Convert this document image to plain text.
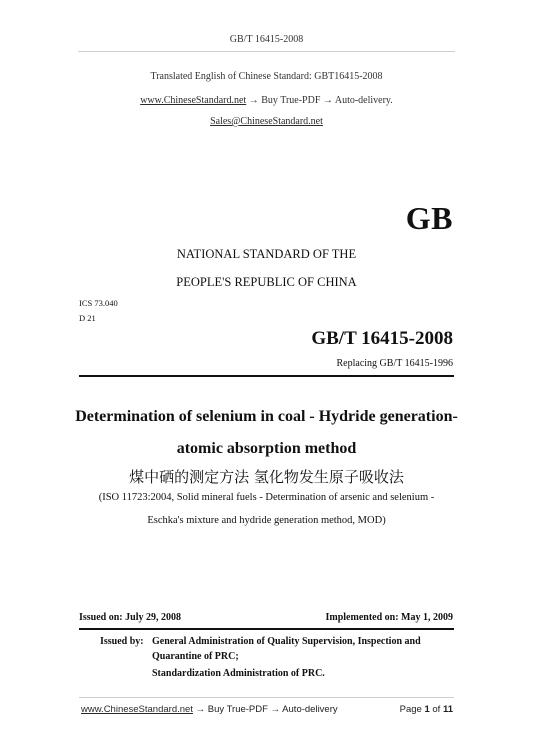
GB/T 16415-2008
Translated English of Chinese Standard: GBT16415-2008
www.ChineseStandard.net → Buy True-PDF → Auto-delivery.
Sales@ChineseStandard.net
GB
NATIONAL STANDARD OF THE
PEOPLE'S REPUBLIC OF CHINA
ICS 73.040
D 21
GB/T 16415-2008
Replacing GB/T 16415-1996
Determination of selenium in coal - Hydride generation-
atomic absorption method
煤中硒的测定方法 氢化物发生原子吸收法
(ISO 11723:2004, Solid mineral fuels - Determination of arsenic and selenium -
Eschka's mixture and hydride generation method, MOD)
Issued on: July 29, 2008	Implemented on: May 1, 2009
Issued by: General Administration of Quality Supervision, Inspection and
Quarantine of PRC;
Standardization Administration of PRC.
www.ChineseStandard.net → Buy True-PDF → Auto-delivery	Page 1 of 11
